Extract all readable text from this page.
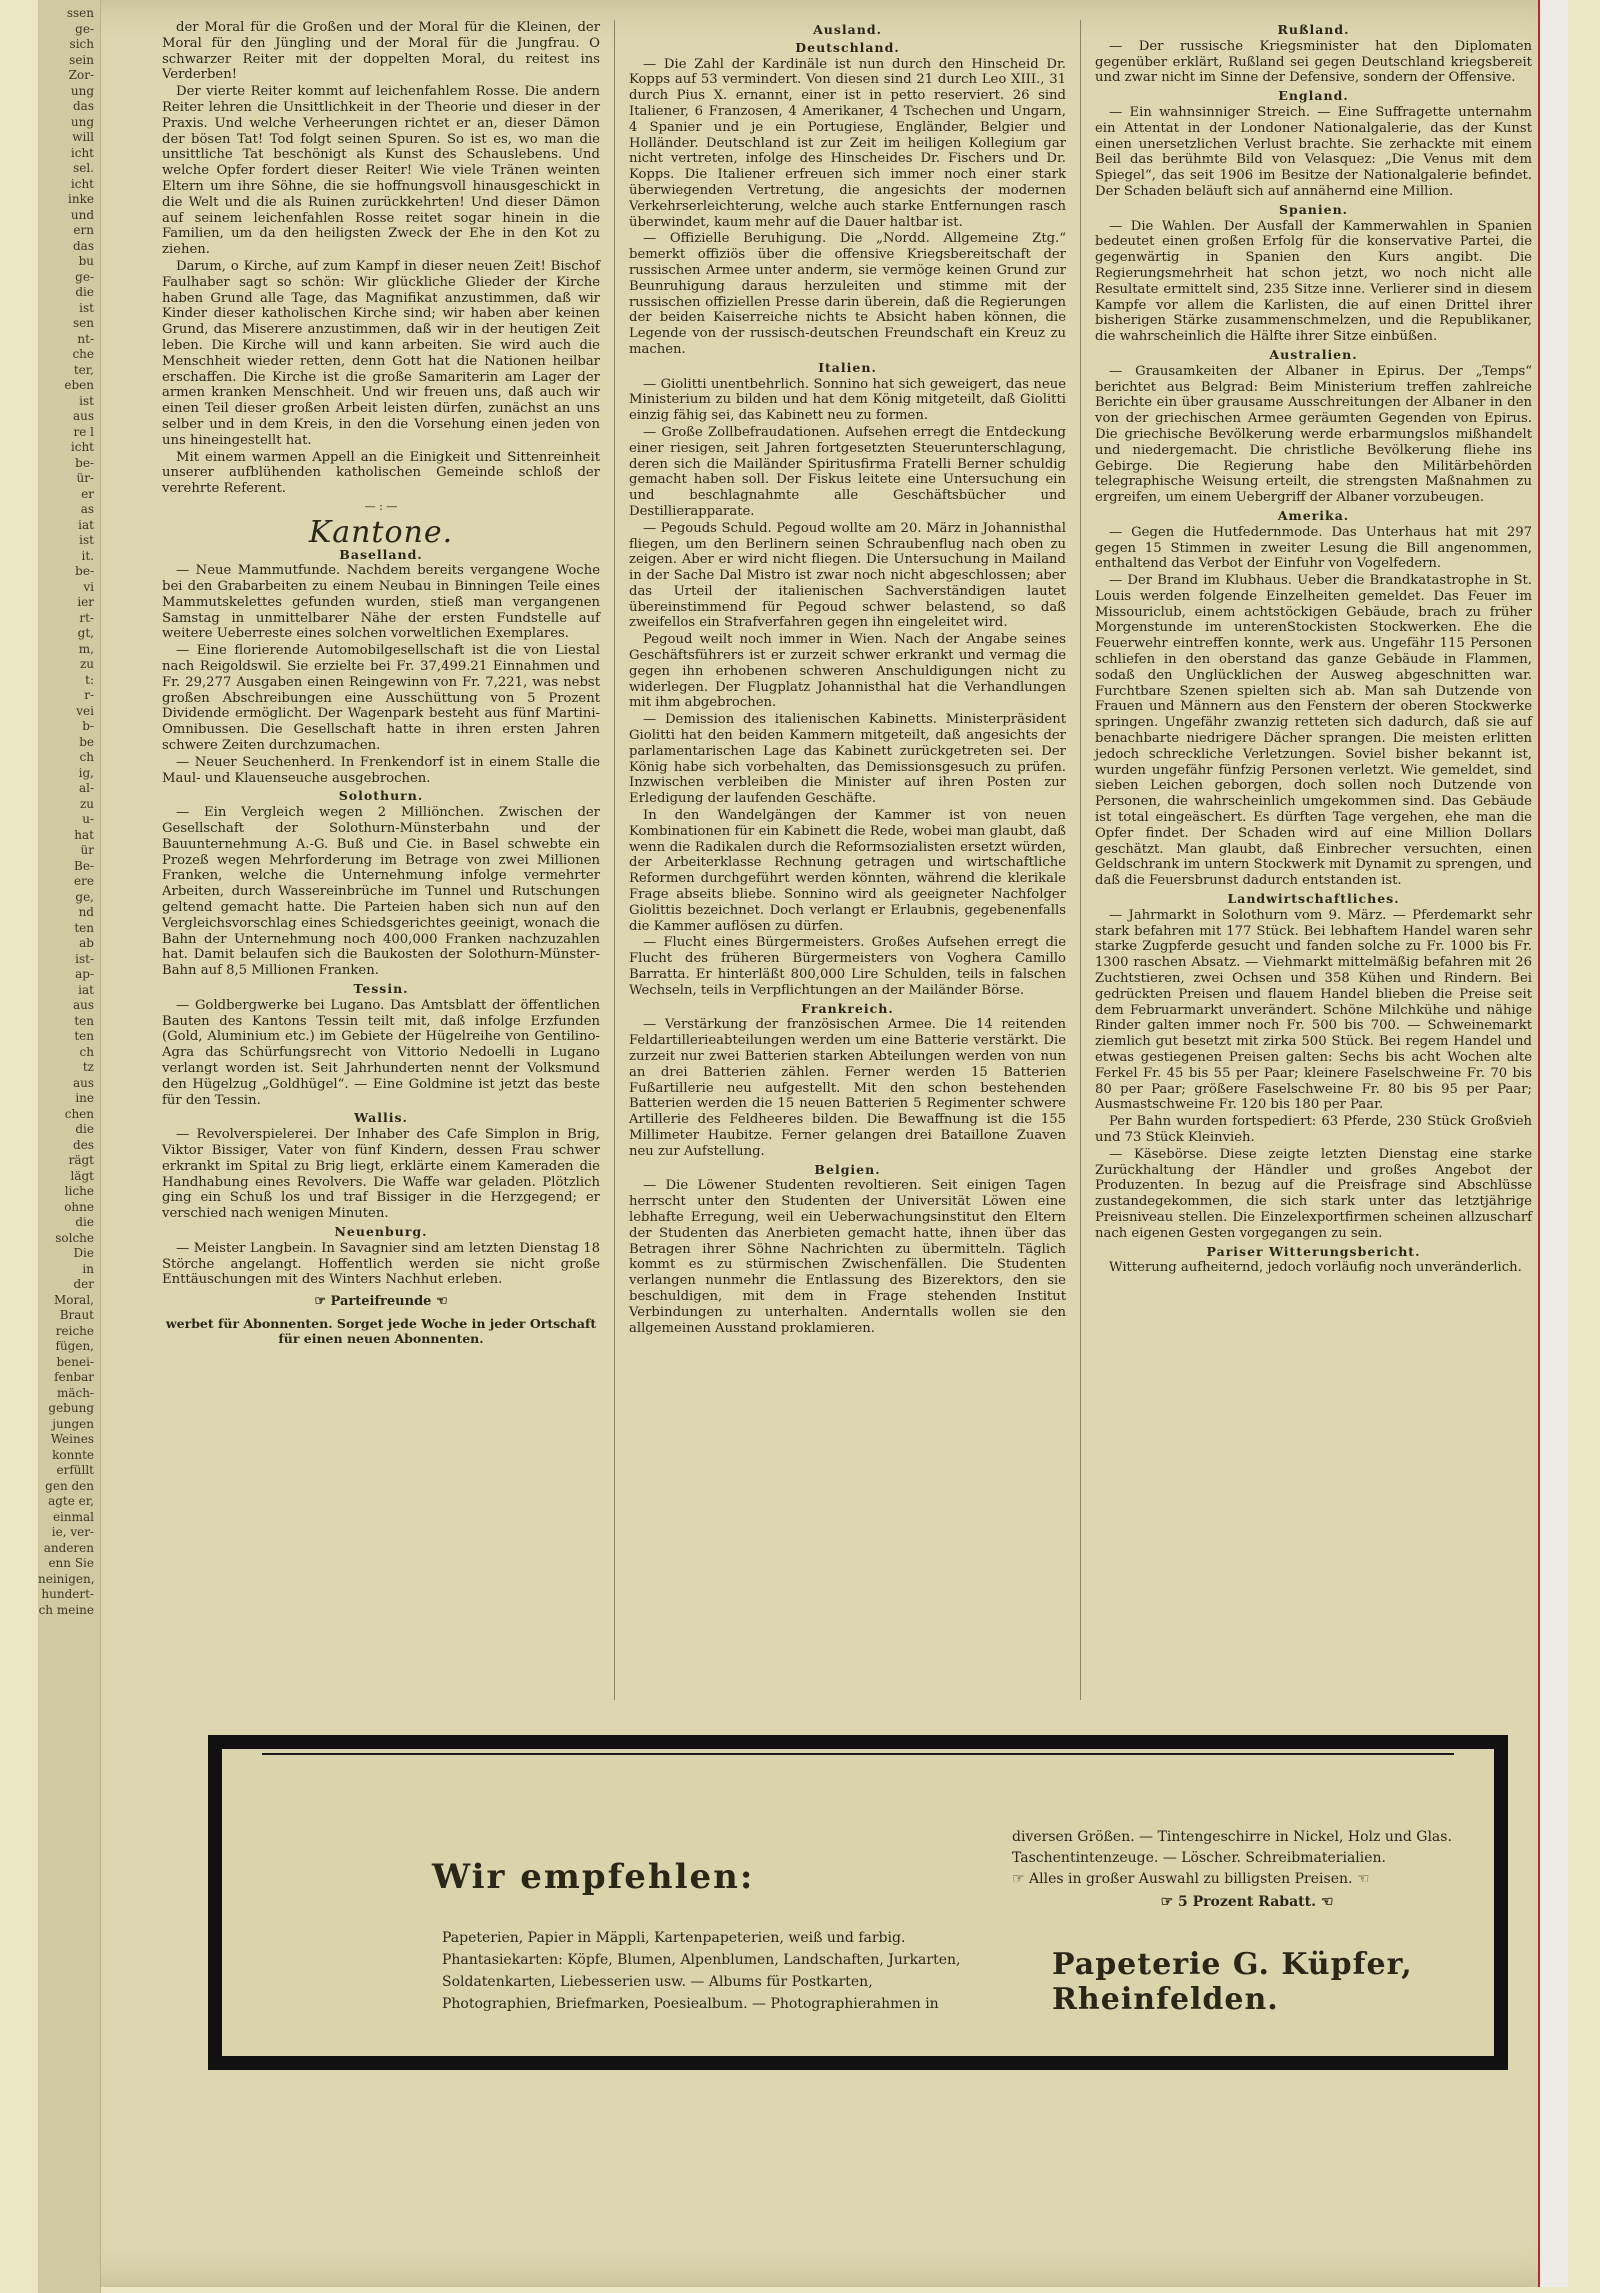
ssen
ge-
sich
sein
Zor-
ung
das
ung
will
icht
sel.
icht
inke
und
ern
das
bu
ge-
die
ist
sen
nt-
che
ter,
eben
ist
aus
re l
icht
be-
ür-
er
as
iat
ist
it.
be-
vi
ier
rt-
gt,
m,
zu
t:
r-
vei
b-
be
ch
ig,
al-
zu
u-
hat
ür
Be-
ere
ge,
nd
ten
ab
ist-
ap-
iat
aus
ten
ten
ch
tz
aus
ine
chen
die
des
rägt
lägt
liche
ohne
die
solche
Die
in
der
Moral,
Braut
reiche
fügen,
benei-
fenbar
mäch-
gebung
jungen
Weines
konnte
erfüllt
gen den
agte er,
einmal
ie, ver-
anderen
enn Sie
neinigen,
hundert-
ch meine

der Moral für die Großen und der Moral für die Kleinen, der Moral für den Jüngling und der Moral für die Jungfrau. O schwarzer Reiter mit der doppelten Moral, du reitest ins Verderben!

Der vierte Reiter kommt auf leichenfahlem Rosse. Die andern Reiter lehren die Unsittlichkeit in der Theorie und dieser in der Praxis. Und welche Verheerungen richtet er an, dieser Dämon der bösen Tat! Tod folgt seinen Spuren. So ist es, wo man die unsittliche Tat beschönigt als Kunst des Schauslebens. Und welche Opfer fordert dieser Reiter! Wie viele Tränen weinten Eltern um ihre Söhne, die sie hoffnungsvoll hinausgeschickt in die Welt und die als Ruinen zurückkehrten! Und dieser Dämon auf seinem leichenfahlen Rosse reitet sogar hinein in die Familien, um da den heiligsten Zweck der Ehe in den Kot zu ziehen.

Darum, o Kirche, auf zum Kampf in dieser neuen Zeit! Bischof Faulhaber sagt so schön: Wir glückliche Glieder der Kirche haben Grund alle Tage, das Magnifikat anzustimmen, daß wir Kinder dieser katholischen Kirche sind; wir haben aber keinen Grund, das Miserere anzustimmen, daß wir in der heutigen Zeit leben. Die Kirche will und kann arbeiten. Sie wird auch die Menschheit wieder retten, denn Gott hat die Nationen heilbar erschaffen. Die Kirche ist die große Samariterin am Lager der armen kranken Menschheit. Und wir freuen uns, daß auch wir einen Teil dieser großen Arbeit leisten dürfen, zunächst an uns selber und in dem Kreis, in den die Vorsehung einen jeden von uns hineingestellt hat.

Mit einem warmen Appell an die Einigkeit und Sittenreinheit unserer aufblühenden katholischen Gemeinde schloß der verehrte Referent.

— : —
Kantone.
Baselland.

— Neue Mammutfunde. Nachdem bereits vergangene Woche bei den Grabarbeiten zu einem Neubau in Binningen Teile eines Mammutskelettes gefunden wurden, stieß man vergangenen Samstag in unmittelbarer Nähe der ersten Fundstelle auf weitere Ueberreste eines solchen vorweltlichen Exemplares.

— Eine florierende Automobilgesellschaft ist die von Liestal nach Reigoldswil. Sie erzielte bei Fr. 37,499.21 Einnahmen und Fr. 29,277 Ausgaben einen Reingewinn von Fr. 7,221, was nebst großen Abschreibungen eine Ausschüttung von 5 Prozent Dividende ermöglicht. Der Wagenpark besteht aus fünf Martini-Omnibussen. Die Gesellschaft hatte in ihren ersten Jahren schwere Zeiten durchzumachen.

— Neuer Seuchenherd. In Frenkendorf ist in einem Stalle die Maul- und Klauenseuche ausgebrochen.

Solothurn.

— Ein Vergleich wegen 2 Milliönchen. Zwischen der Gesellschaft der Solothurn-Münsterbahn und der Bauunternehmung A.-G. Buß und Cie. in Basel schwebte ein Prozeß wegen Mehrforderung im Betrage von zwei Millionen Franken, welche die Unternehmung infolge vermehrter Arbeiten, durch Wassereinbrüche im Tunnel und Rutschungen geltend gemacht hatte. Die Parteien haben sich nun auf den Vergleichsvorschlag eines Schiedsgerichtes geeinigt, wonach die Bahn der Unternehmung noch 400,000 Franken nachzuzahlen hat. Damit belaufen sich die Baukosten der Solothurn-Münster-Bahn auf 8,5 Millionen Franken.

Tessin.

— Goldbergwerke bei Lugano. Das Amtsblatt der öffentlichen Bauten des Kantons Tessin teilt mit, daß infolge Erzfunden (Gold, Aluminium etc.) im Gebiete der Hügelreihe von Gentilino-Agra das Schürfungsrecht von Vittorio Nedoelli in Lugano verlangt worden ist. Seit Jahrhunderten nennt der Volksmund den Hügelzug „Goldhügel“. — Eine Goldmine ist jetzt das beste für den Tessin.

Wallis.

— Revolverspielerei. Der Inhaber des Cafe Simplon in Brig, Viktor Bissiger, Vater von fünf Kindern, dessen Frau schwer erkrankt im Spital zu Brig liegt, erklärte einem Kameraden die Handhabung eines Revolvers. Die Waffe war geladen. Plötzlich ging ein Schuß los und traf Bissiger in die Herzgegend; er verschied nach wenigen Minuten.

Neuenburg.

— Meister Langbein. In Savagnier sind am letzten Dienstag 18 Störche angelangt. Hoffentlich werden sie nicht große Enttäuschungen mit des Winters Nachhut erleben.

☞ Parteifreunde ☜
werbet für Abonnenten. Sorget jede Woche in jeder Ortschaft für einen neuen Abonnenten.
Ausland.
Deutschland.

— Die Zahl der Kardinäle ist nun durch den Hinscheid Dr. Kopps auf 53 vermindert. Von diesen sind 21 durch Leo XIII., 31 durch Pius X. ernannt, einer ist in petto reserviert. 26 sind Italiener, 6 Franzosen, 4 Amerikaner, 4 Tschechen und Ungarn, 4 Spanier und je ein Portugiese, Engländer, Belgier und Holländer. Deutschland ist zur Zeit im heiligen Kollegium gar nicht vertreten, infolge des Hinscheides Dr. Fischers und Dr. Kopps. Die Italiener erfreuen sich immer noch einer stark überwiegenden Vertretung, die angesichts der modernen Verkehrserleichterung, welche auch starke Entfernungen rasch überwindet, kaum mehr auf die Dauer haltbar ist.

— Offizielle Beruhigung. Die „Nordd. Allgemeine Ztg.“ bemerkt offiziös über die offensive Kriegsbereitschaft der russischen Armee unter anderm, sie vermöge keinen Grund zur Beunruhigung daraus herzuleiten und stimme mit der russischen offiziellen Presse darin überein, daß die Regierungen der beiden Kaiserreiche nichts te Absicht haben können, die Legende von der russisch-deutschen Freundschaft ein Kreuz zu machen.

Italien.

— Giolitti unentbehrlich. Sonnino hat sich geweigert, das neue Ministerium zu bilden und hat dem König mitgeteilt, daß Giolitti einzig fähig sei, das Kabinett neu zu formen.

— Große Zollbefraudationen. Aufsehen erregt die Entdeckung einer riesigen, seit Jahren fortgesetzten Steuerunterschlagung, deren sich die Mailänder Spiritusfirma Fratelli Berner schuldig gemacht haben soll. Der Fiskus leitete eine Untersuchung ein und beschlagnahmte alle Geschäftsbücher und Destillierapparate.

— Pegouds Schuld. Pegoud wollte am 20. März in Johannisthal fliegen, um den Berlinern seinen Schraubenflug nach oben zu zeigen. Aber er wird nicht fliegen. Die Untersuchung in Mailand in der Sache Dal Mistro ist zwar noch nicht abgeschlossen; aber das Urteil der italienischen Sachverständigen lautet übereinstimmend für Pegoud schwer belastend, so daß zweifellos ein Strafverfahren gegen ihn eingeleitet wird.

Pegoud weilt noch immer in Wien. Nach der Angabe seines Geschäftsführers ist er zurzeit schwer erkrankt und vermag die gegen ihn erhobenen schweren Anschuldigungen nicht zu widerlegen. Der Flugplatz Johannisthal hat die Verhandlungen mit ihm abgebrochen.

— Demission des italienischen Kabinetts. Ministerpräsident Giolitti hat den beiden Kammern mitgeteilt, daß angesichts der parlamentarischen Lage das Kabinett zurückgetreten sei. Der König habe sich vorbehalten, das Demissionsgesuch zu prüfen. Inzwischen verbleiben die Minister auf ihren Posten zur Erledigung der laufenden Geschäfte.

In den Wandelgängen der Kammer ist von neuen Kombinationen für ein Kabinett die Rede, wobei man glaubt, daß wenn die Radikalen durch die Reformsozialisten ersetzt würden, der Arbeiterklasse Rechnung getragen und wirtschaftliche Reformen durchgeführt werden könnten, während die klerikale Frage abseits bliebe. Sonnino wird als geeigneter Nachfolger Giolittis bezeichnet. Doch verlangt er Erlaubnis, gegebenenfalls die Kammer auflösen zu dürfen.

— Flucht eines Bürgermeisters. Großes Aufsehen erregt die Flucht des früheren Bürgermeisters von Voghera Camillo Barratta. Er hinterläßt 800,000 Lire Schulden, teils in falschen Wechseln, teils in Verpflichtungen an der Mailänder Börse.

Frankreich.

— Verstärkung der französischen Armee. Die 14 reitenden Feldartillerieabteilungen werden um eine Batterie verstärkt. Die zurzeit nur zwei Batterien starken Abteilungen werden von nun an drei Batterien zählen. Ferner werden 15 Batterien Fußartillerie neu aufgestellt. Mit den schon bestehenden Batterien werden die 15 neuen Batterien 5 Regimenter schwere Artillerie des Feldheeres bilden. Die Bewaffnung ist die 155 Millimeter Haubitze. Ferner gelangen drei Bataillone Zuaven neu zur Aufstellung.

Belgien.

— Die Löwener Studenten revoltieren. Seit einigen Tagen herrscht unter den Studenten der Universität Löwen eine lebhafte Erregung, weil ein Ueberwachungsinstitut den Eltern der Studenten das Anerbieten gemacht hatte, ihnen über das Betragen ihrer Söhne Nachrichten zu übermitteln. Täglich kommt es zu stürmischen Zwischenfällen. Die Studenten verlangen nunmehr die Entlassung des Bizerektors, den sie beschuldigen, mit dem in Frage stehenden Institut Verbindungen zu unterhalten. Anderntalls wollen sie den allgemeinen Ausstand proklamieren.

Rußland.

— Der russische Kriegsminister hat den Diplomaten gegenüber erklärt, Rußland sei gegen Deutschland kriegsbereit und zwar nicht im Sinne der Defensive, sondern der Offensive.

England.

— Ein wahnsinniger Streich. — Eine Suffragette unternahm ein Attentat in der Londoner Nationalgalerie, das der Kunst einen unersetzlichen Verlust brachte. Sie zerhackte mit einem Beil das berühmte Bild von Velasquez: „Die Venus mit dem Spiegel“, das seit 1906 im Besitze der Nationalgalerie befindet. Der Schaden beläuft sich auf annähernd eine Million.

Spanien.

— Die Wahlen. Der Ausfall der Kammerwahlen in Spanien bedeutet einen großen Erfolg für die konservative Partei, die gegenwärtig in Spanien den Kurs angibt. Die Regierungsmehrheit hat schon jetzt, wo noch nicht alle Resultate ermittelt sind, 235 Sitze inne. Verlierer sind in diesem Kampfe vor allem die Karlisten, die auf einen Drittel ihrer bisherigen Stärke zusammenschmelzen, und die Republikaner, die wahrscheinlich die Hälfte ihrer Sitze einbüßen.

Australien.

— Grausamkeiten der Albaner in Epirus. Der „Temps“ berichtet aus Belgrad: Beim Ministerium treffen zahlreiche Berichte ein über grausame Ausschreitungen der Albaner in den von der griechischen Armee geräumten Gegenden von Epirus. Die griechische Bevölkerung werde erbarmungslos mißhandelt und niedergemacht. Die christliche Bevölkerung fliehe ins Gebirge. Die Regierung habe den Militärbehörden telegraphische Weisung erteilt, die strengsten Maßnahmen zu ergreifen, um einem Uebergriff der Albaner vorzubeugen.

Amerika.

— Gegen die Hutfedernmode. Das Unterhaus hat mit 297 gegen 15 Stimmen in zweiter Lesung die Bill angenommen, enthaltend das Verbot der Einfuhr von Vogelfedern.

— Der Brand im Klubhaus. Ueber die Brandkatastrophe in St. Louis werden folgende Einzelheiten gemeldet. Das Feuer im Missouriclub, einem achtstöckigen Gebäude, brach zu früher Morgenstunde im unterenStockisten Stockwerken. Ehe die Feuerwehr eintreffen konnte, werk aus. Ungefähr 115 Personen schliefen in den oberstand das ganze Gebäude in Flammen, sodaß den Unglücklichen der Ausweg abgeschnitten war. Furchtbare Szenen spielten sich ab. Man sah Dutzende von Frauen und Männern aus den Fenstern der oberen Stockwerke springen. Ungefähr zwanzig retteten sich dadurch, daß sie auf benachbarte niedrigere Dächer sprangen. Die meisten erlitten jedoch schreckliche Verletzungen. Soviel bisher bekannt ist, wurden ungefähr fünfzig Personen verletzt. Wie gemeldet, sind sieben Leichen geborgen, doch sollen noch Dutzende von Personen, die wahrscheinlich umgekommen sind. Das Gebäude ist total eingeäschert. Es dürften Tage vergehen, ehe man die Opfer findet. Der Schaden wird auf eine Million Dollars geschätzt. Man glaubt, daß Einbrecher versuchten, einen Geldschrank im untern Stockwerk mit Dynamit zu sprengen, und daß die Feuersbrunst dadurch entstanden ist.

Landwirtschaftliches.

— Jahrmarkt in Solothurn vom 9. März. — Pferdemarkt sehr stark befahren mit 177 Stück. Bei lebhaftem Handel waren sehr starke Zugpferde gesucht und fanden solche zu Fr. 1000 bis Fr. 1300 raschen Absatz. — Viehmarkt mittelmäßig befahren mit 26 Zuchtstieren, zwei Ochsen und 358 Kühen und Rindern. Bei gedrückten Preisen und flauem Handel blieben die Preise seit dem Februarmarkt unverändert. Schöne Milchkühe und nähige Rinder galten immer noch Fr. 500 bis 700. — Schweinemarkt ziemlich gut besetzt mit zirka 500 Stück. Bei regem Handel und etwas gestiegenen Preisen galten: Sechs bis acht Wochen alte Ferkel Fr. 45 bis 55 per Paar; kleinere Faselschweine Fr. 70 bis 80 per Paar; größere Faselschweine Fr. 80 bis 95 per Paar; Ausmastschweine Fr. 120 bis 180 per Paar.

Per Bahn wurden fortspediert: 63 Pferde, 230 Stück Großvieh und 73 Stück Kleinvieh.

— Käsebörse. Diese zeigte letzten Dienstag eine starke Zurückhaltung der Händler und großes Angebot der Produzenten. In bezug auf die Preisfrage sind Abschlüsse zustandegekommen, die sich stark unter das letztjährige Preisniveau stellen. Die Einzelexportfirmen scheinen allzuscharf nach eigenen Gesten vorgegangen zu sein.

Pariser Witterungsbericht.

Witterung aufheiternd, jedoch vorläufig noch unveränderlich.

Wir empfehlen:
Papeterien, Papier in Mäppli, Kartenpapeterien, weiß und farbig. Phantasiekarten: Köpfe, Blumen, Alpenblumen, Landschaften, Jurkarten, Soldatenkarten, Liebesserien usw. — Albums für Postkarten, Photographien, Briefmarken, Poesiealbum. — Photographierahmen in
diversen Größen. — Tintengeschirre in Nickel, Holz und Glas. Taschentintenzeuge. — Löscher. Schreibmaterialien.
☞ Alles in großer Auswahl zu billigsten Preisen. ☜
☞ 5 Prozent Rabatt. ☜
Papeterie G. Küpfer, Rheinfelden.
